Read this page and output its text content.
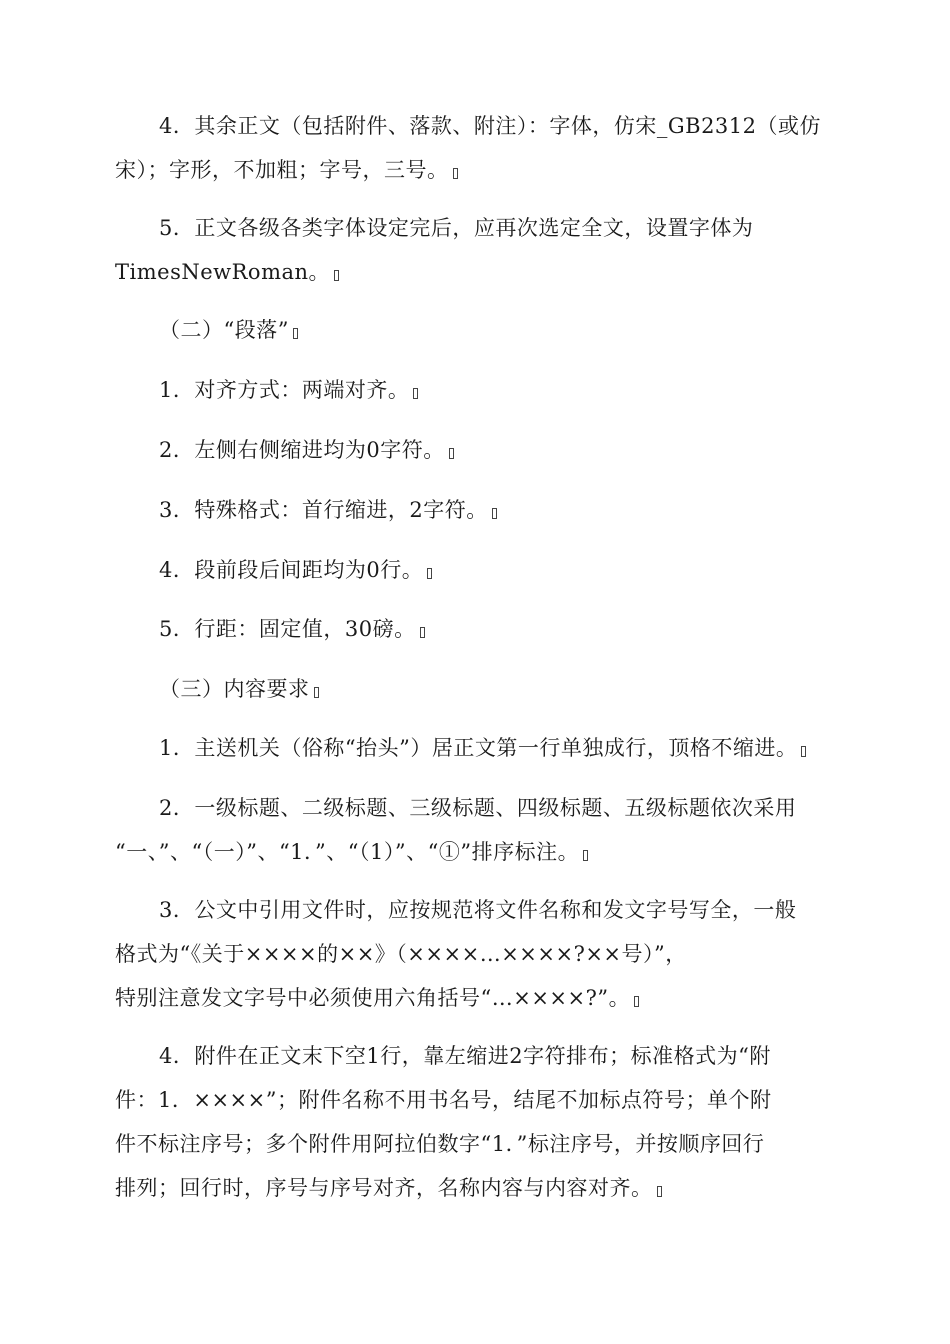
4．其余正文（包括附件、落款、附注）：字体，仿宋_GB2312（或仿
宋）；字形，不加粗；字号，三号。
5．正文各级各类字体设定完后，应再次选定全文，设置字体为
TimesNewRoman。
（二）“段落”
1．对齐方式：两端对齐。
2．左侧右侧缩进均为0字符。
3．特殊格式：首行缩进，2字符。
4．段前段后间距均为0行。
5．行距：固定值，30磅。
（三）内容要求
1．主送机关（俗称“抬头”）居正文第一行单独成行，顶格不缩进。
2．一级标题、二级标题、三级标题、四级标题、五级标题依次采用
“一、”、“（一）”、“1．”、“（1）”、“①”排序标注。
3．公文中引用文件时，应按规范将文件名称和发文字号写全，一般
格式为“《关于××××的××》（××××…××××?××号）”，
特别注意发文字号中必须使用六角括号“…××××?”。
4．附件在正文末下空1行，靠左缩进2字符排布；标准格式为“附
件：1．××××”；附件名称不用书名号，结尾不加标点符号；单个附
件不标注序号；多个附件用阿拉伯数字“1．”标注序号，并按顺序回行
排列；回行时，序号与序号对齐，名称内容与内容对齐。
